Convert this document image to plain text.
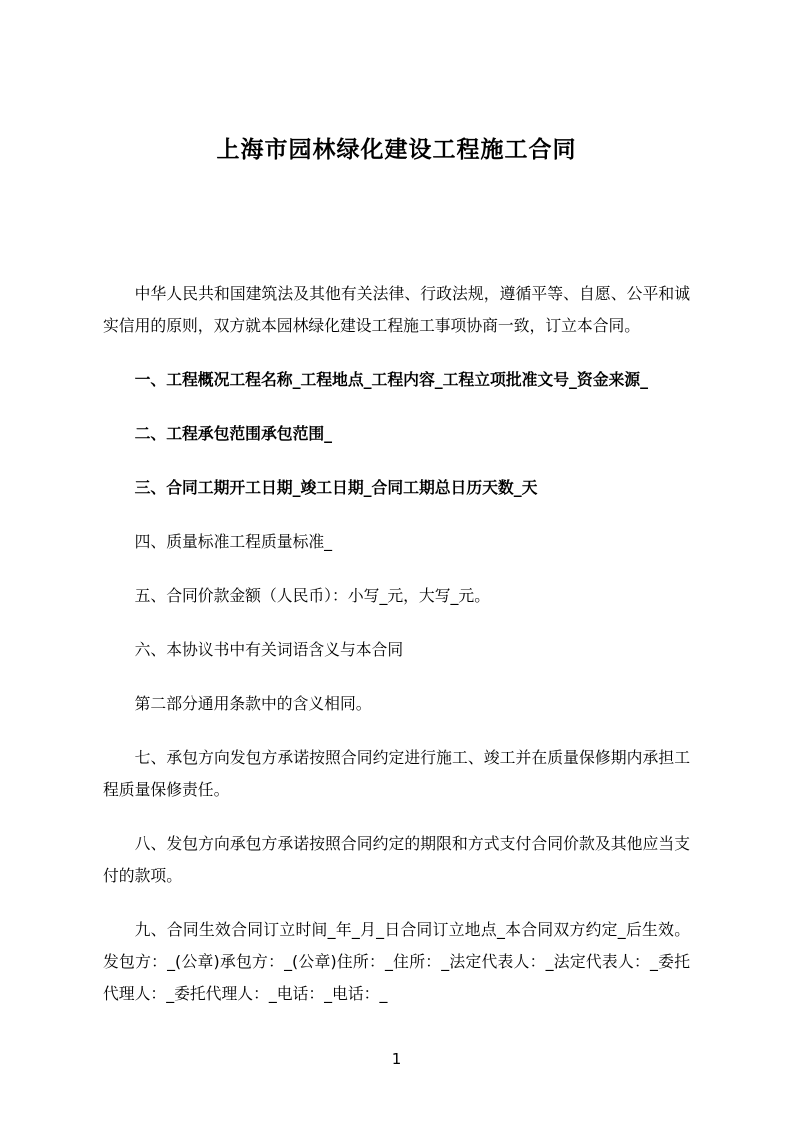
上海市园林绿化建设工程施工合同

中华人民共和国建筑法及其他有关法律、行政法规，遵循平等、自愿、公平和诚实信用的原则，双方就本园林绿化建设工程施工事项协商一致，订立本合同。

一、工程概况工程名称_工程地点_工程内容_工程立项批准文号_资金来源_

二、工程承包范围承包范围_

三、合同工期开工日期_竣工日期_合同工期总日历天数_天

四、质量标准工程质量标准_

五、合同价款金额（人民币）：小写_元，大写_元。

六、本协议书中有关词语含义与本合同

第二部分通用条款中的含义相同。

七、承包方向发包方承诺按照合同约定进行施工、竣工并在质量保修期内承担工程质量保修责任。

八、发包方向承包方承诺按照合同约定的期限和方式支付合同价款及其他应当支付的款项。

九、合同生效合同订立时间_年_月_日合同订立地点_本合同双方约定_后生效。发包方：_(公章)承包方：_(公章)住所：_住所：_法定代表人：_法定代表人：_委托代理人：_委托代理人：_电话：_电话：_

1
